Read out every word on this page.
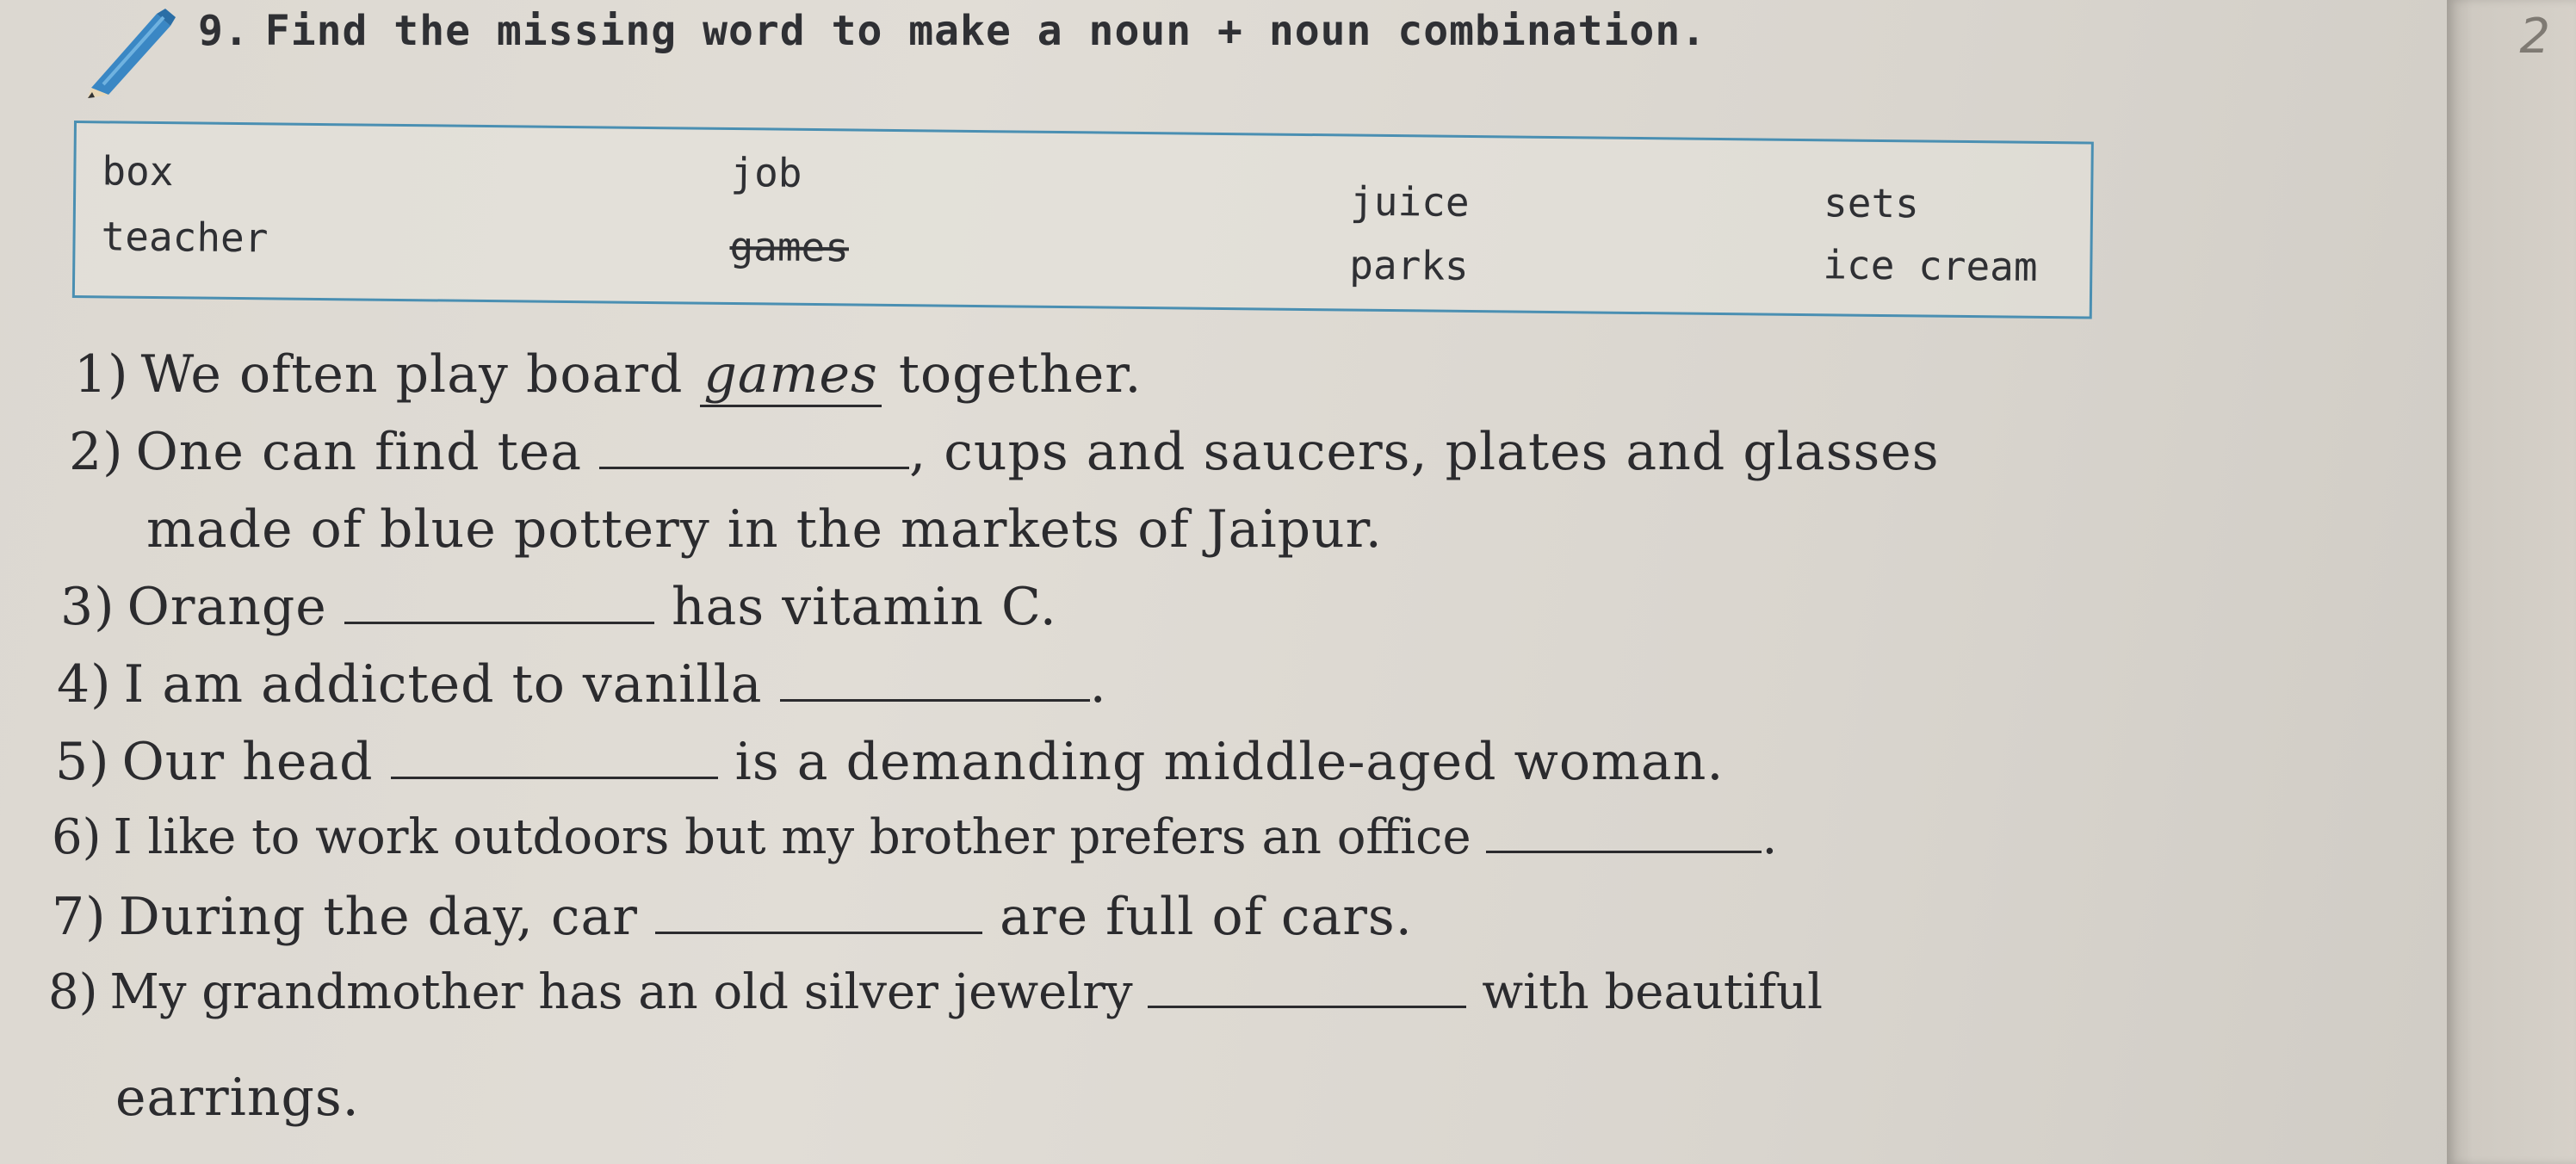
2
9. Find the missing word to make a noun + noun combination.
box
teacher
job
games
juice
parks
sets
ice cream
1) We often play board games together.
2) One can find tea	, cups and saucers, plates and glasses
made of blue pottery in the markets of Jaipur.
3) Orange	has vitamin C.
4) I am addicted to vanilla	.
5) Our head	is a demanding middle-aged woman.
6) I like to work outdoors but my brother prefers an office	.
7) During the day, car	are full of cars.
8) My grandmother has an old silver jewelry	with beautiful
earrings.
